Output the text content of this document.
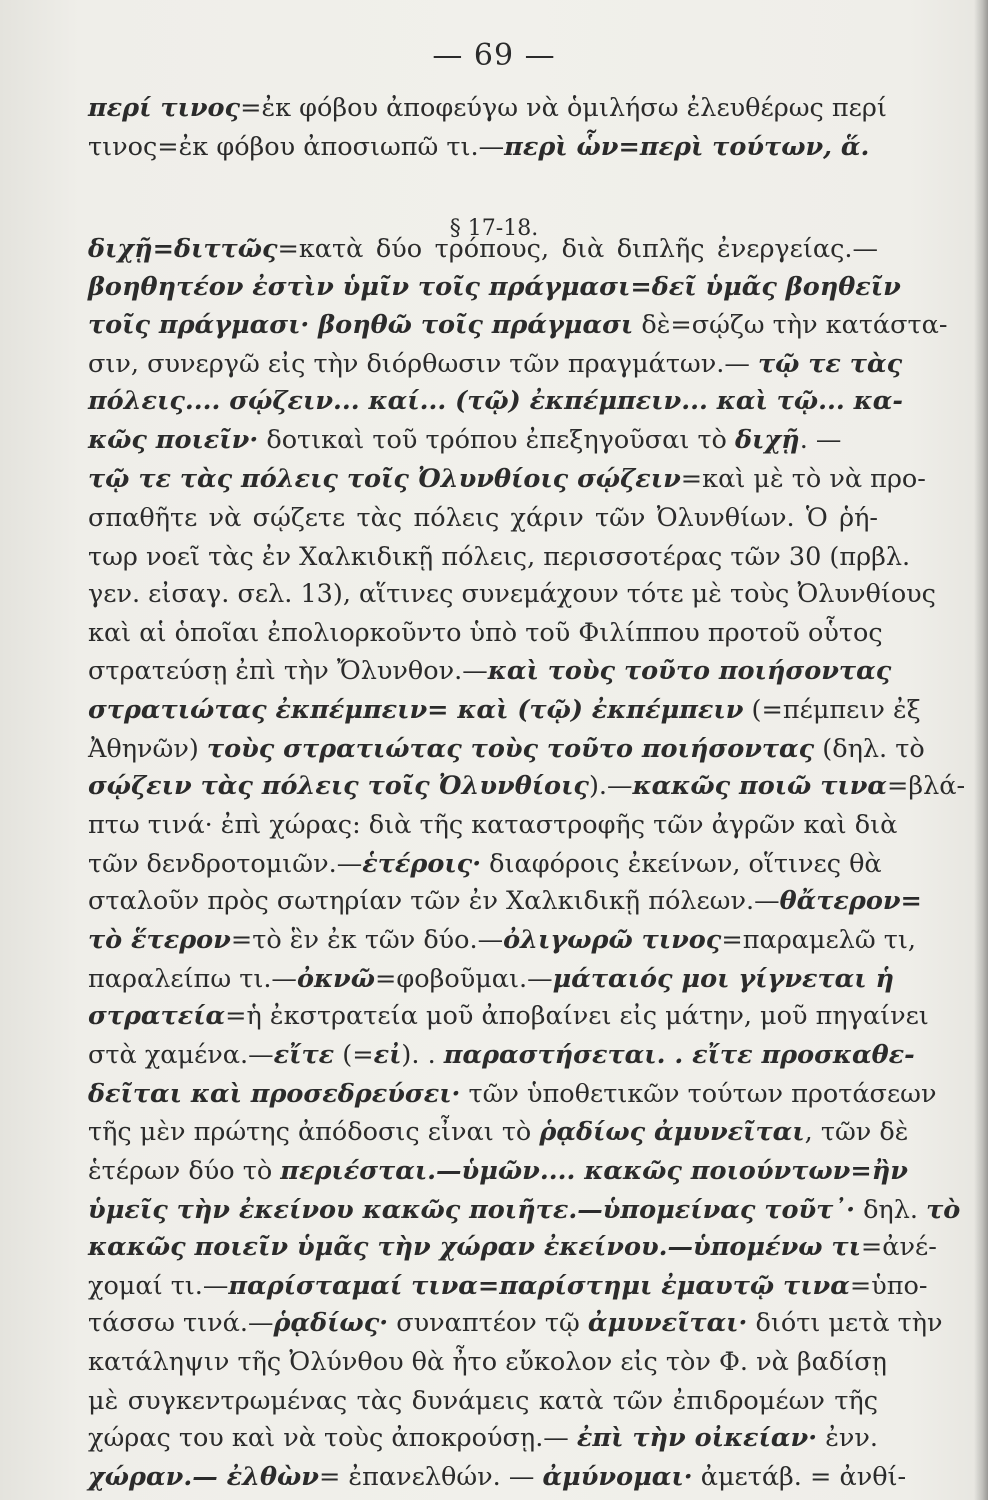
— 69 —
§ 17-18.
περί τινος=ἐκ φόβου ἀποφεύγω νὰ ὁμιλήσω ἐλευθέρως περί
τινος=ἐκ φόβου ἀποσιωπῶ τι.—περὶ ὧν=περὶ τούτων, ἅ.
διχῇ=διττῶς=κατὰ δύο τρόπους, διὰ διπλῆς ἐνεργείας.—
βοηθητέον ἐστὶν ὑμῖν τοῖς πράγμασι=δεῖ ὑμᾶς βοηθεῖν
τοῖς πράγμασι· βοηθῶ τοῖς πράγμασι δὲ=σῴζω τὴν κατάστα-
σιν, συνεργῶ εἰς τὴν διόρθωσιν τῶν πραγμάτων.— τῷ τε τὰς
πόλεις.... σῴζειν... καί... (τῷ) ἐκπέμπειν... καὶ τῷ... κα-
κῶς ποιεῖν· δοτικαὶ τοῦ τρόπου ἐπεξηγοῦσαι τὸ διχῇ. —
τῷ τε τὰς πόλεις τοῖς Ὀλυνθίοις σῴζειν=καὶ μὲ τὸ νὰ προ-
σπαθῆτε νὰ σῴζετε τὰς πόλεις χάριν τῶν Ὀλυνθίων. Ὁ ῥή-
τωρ νοεῖ τὰς ἐν Χαλκιδικῇ πόλεις, περισσοτέρας τῶν 30 (πρβλ.
γεν. εἰσαγ. σελ. 13), αἵτινες συνεμάχουν τότε μὲ τοὺς Ὀλυνθίους
καὶ αἱ ὁποῖαι ἐπολιορκοῦντο ὑπὸ τοῦ Φιλίππου προτοῦ οὗτος
στρατεύσῃ ἐπὶ τὴν Ὄλυνθον.—καὶ τοὺς τοῦτο ποιήσοντας
στρατιώτας ἐκπέμπειν= καὶ (τῷ) ἐκπέμπειν (=πέμπειν ἐξ
Ἀθηνῶν) τοὺς στρατιώτας τοὺς τοῦτο ποιήσοντας (δηλ. τὸ
σῴζειν τὰς πόλεις τοῖς Ὀλυνθίοις).—κακῶς ποιῶ τινα=βλά-
πτω τινά· ἐπὶ χώρας: διὰ τῆς καταστροφῆς τῶν ἀγρῶν καὶ διὰ
τῶν δενδροτομιῶν.—ἑτέροις· διαφόροις ἐκείνων, οἵτινες θὰ
σταλοῦν πρὸς σωτηρίαν τῶν ἐν Χαλκιδικῇ πόλεων.—θἄτερον=
τὸ ἕτερον=τὸ ἓν ἐκ τῶν δύο.—ὀλιγωρῶ τινος=παραμελῶ τι,
παραλείπω τι.—ὀκνῶ=φοβοῦμαι.—μάταιός μοι γίγνεται ἡ
στρατεία=ἡ ἐκστρατεία μοῦ ἀποβαίνει εἰς μάτην, μοῦ πηγαίνει
στὰ χαμένα.—εἴτε (=εἰ). . παραστήσεται. . εἴτε προσκαθε-
δεῖται καὶ προσεδρεύσει· τῶν ὑποθετικῶν τούτων προτάσεων
τῆς μὲν πρώτης ἀπόδοσις εἶναι τὸ ῥᾳδίως ἀμυνεῖται, τῶν δὲ
ἑτέρων δύο τὸ περιέσται.—ὑμῶν.... κακῶς ποιούντων=ἢν
ὑμεῖς τὴν ἐκείνου κακῶς ποιῆτε.—ὑπομείνας τοῦτ᾽· δηλ. τὸ
κακῶς ποιεῖν ὑμᾶς τὴν χώραν ἐκείνου.—ὑπομένω τι=ἀνέ-
χομαί τι.—παρίσταμαί τινα=παρίστημι ἐμαυτῷ τινα=ὑπο-
τάσσω τινά.—ῥᾳδίως· συναπτέον τῷ ἀμυνεῖται· διότι μετὰ τὴν
κατάληψιν τῆς Ὀλύνθου θὰ ἦτο εὔκολον εἰς τὸν Φ. νὰ βαδίσῃ
μὲ συγκεντρωμένας τὰς δυνάμεις κατὰ τῶν ἐπιδρομέων τῆς
χώρας του καὶ νὰ τοὺς ἀποκρούσῃ.— ἐπὶ τὴν οἰκείαν· ἐνν.
χώραν.— ἐλθὼν= ἐπανελθών. — ἀμύνομαι· ἀμετάβ. = ἀνθί-
